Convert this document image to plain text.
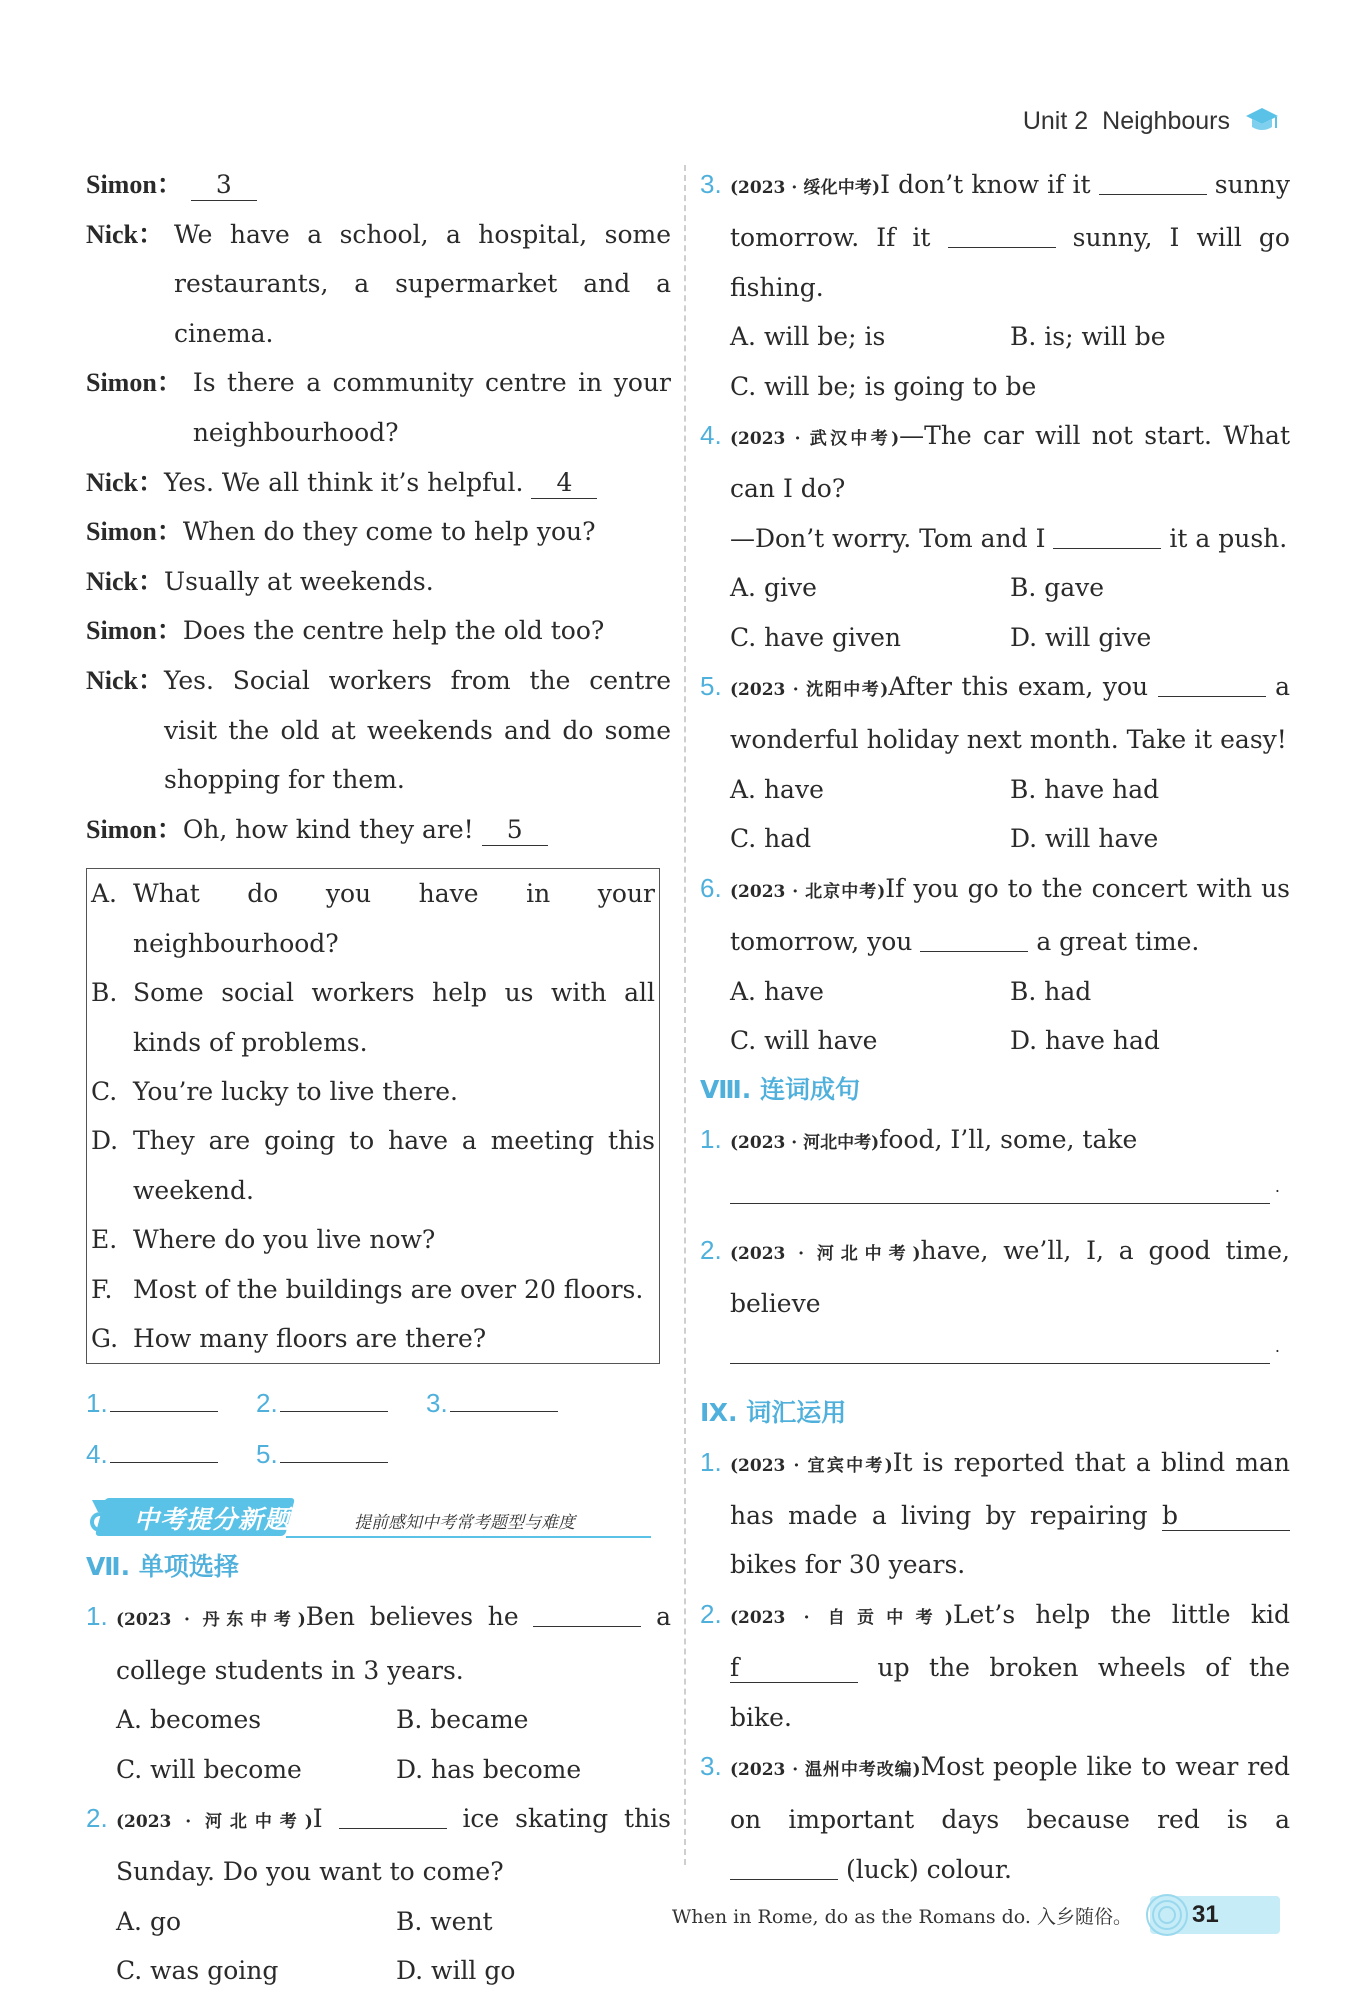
Unit 2 Neighbours
Simon：	3
Nick： We have a school, a hospital, some restaurants, a supermarket and a cinema.
Simon： Is there a community centre in your neighbourhood?
Nick： Yes. We all think it’s helpful. 4
Simon： When do they come to help you?
Nick： Usually at weekends.
Simon： Does the centre help the old too?
Nick： Yes. Social workers from the centre visit the old at weekends and do some shopping for them.
Simon： Oh, how kind they are! 5
A. What do you have in your neighbourhood?
B. Some social workers help us with all kinds of problems.
C. You’re lucky to live there.
D. They are going to have a meeting this weekend.
E. Where do you live now?
F. Most of the buildings are over 20 floors.
G. How many floors are there?
1.	2.	3.
4.	5.
中考提分新题	提前感知中考常考题型与难度
Ⅶ. 单项选择
1. (2023 · 丹东中考)Ben believes he	a college students in 3 years.
A. becomes	B. became
C. will become	D. has become
2. (2023 · 河北中考)I	ice skating this Sunday. Do you want to come?
A. go	B. went
C. was going	D. will go
3. (2023 · 绥化中考)I don’t know if it	sunny tomorrow. If it	sunny, I will go fishing.
A. will be; is	B. is; will be
C. will be; is going to be
4. (2023 · 武汉中考)—The car will not start. What can I do?
—Don’t worry. Tom and I	it a push.
A. give	B. gave
C. have given	D. will give
5. (2023 · 沈阳中考)After this exam, you	a wonderful holiday next month. Take it easy!
A. have	B. have had
C. had	D. will have
6. (2023 · 北京中考)If you go to the concert with us tomorrow, you	a great time.
A. have	B. had
C. will have	D. have had
Ⅷ. 连词成句
1. (2023 · 河北中考)food, I’ll, some, take
.
2. (2023 · 河北中考)have, we’ll, I, a good time, believe
.
Ⅸ. 词汇运用
1. (2023 · 宜宾中考)It is reported that a blind man has made a living by repairing b bikes for 30 years.
2. (2023 · 自贡中考)Let’s help the little kid f	up the broken wheels of the bike.
3. (2023 · 温州中考改编)Most people like to wear red on important days because red is a  (luck) colour.
When in Rome, do as the Romans do. 入乡随俗。	31
